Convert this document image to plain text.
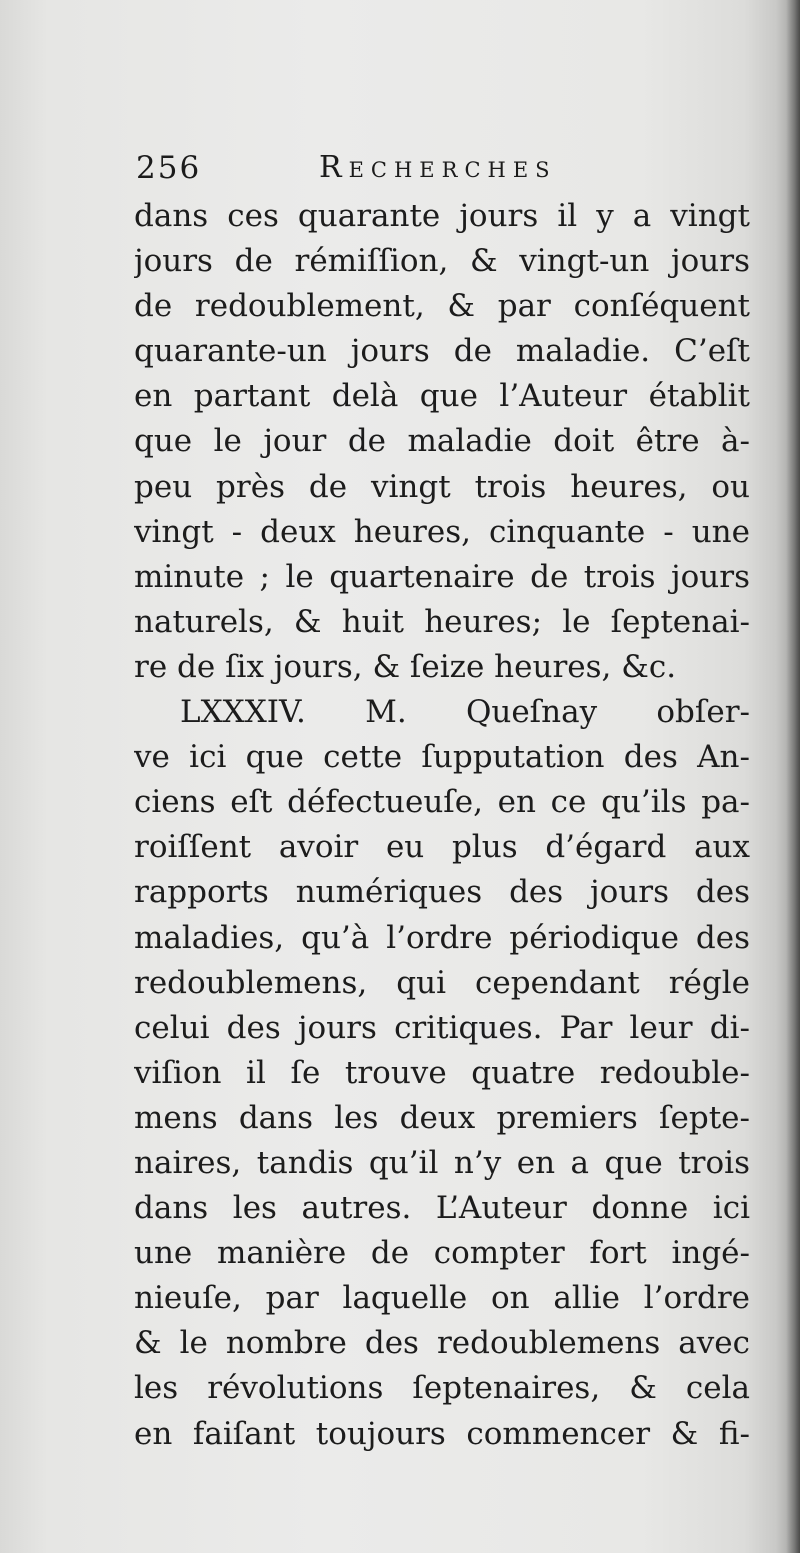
256	Recherches
dans ces quarante jours il y a vingt
jours de rémiſſion, & vingt-un jours
de redoublement, & par conſéquent
quarante-un jours de maladie. C’eſt
en partant delà que l’Auteur établit
que le jour de maladie doit être à-
peu près de vingt trois heures, ou
vingt - deux heures, cinquante - une
minute ; le quartenaire de trois jours
naturels, & huit heures; le ſeptenai-
re de ſix jours, & ſeize heures, &c.
LXXXIV. M. Queſnay obſer-
ve ici que cette ſupputation des An-
ciens eſt défectueuſe, en ce qu’ils pa-
roiſſent avoir eu plus d’égard aux
rapports numériques des jours des
maladies, qu’à l’ordre périodique des
redoublemens, qui cependant régle
celui des jours critiques. Par leur di-
viſion il ſe trouve quatre redouble-
mens dans les deux premiers ſepte-
naires, tandis qu’il n’y en a que trois
dans les autres. L’Auteur donne ici
une manière de compter fort ingé-
nieuſe, par laquelle on allie l’ordre
& le nombre des redoublemens avec
les révolutions ſeptenaires, & cela
en faiſant toujours commencer & fi-
